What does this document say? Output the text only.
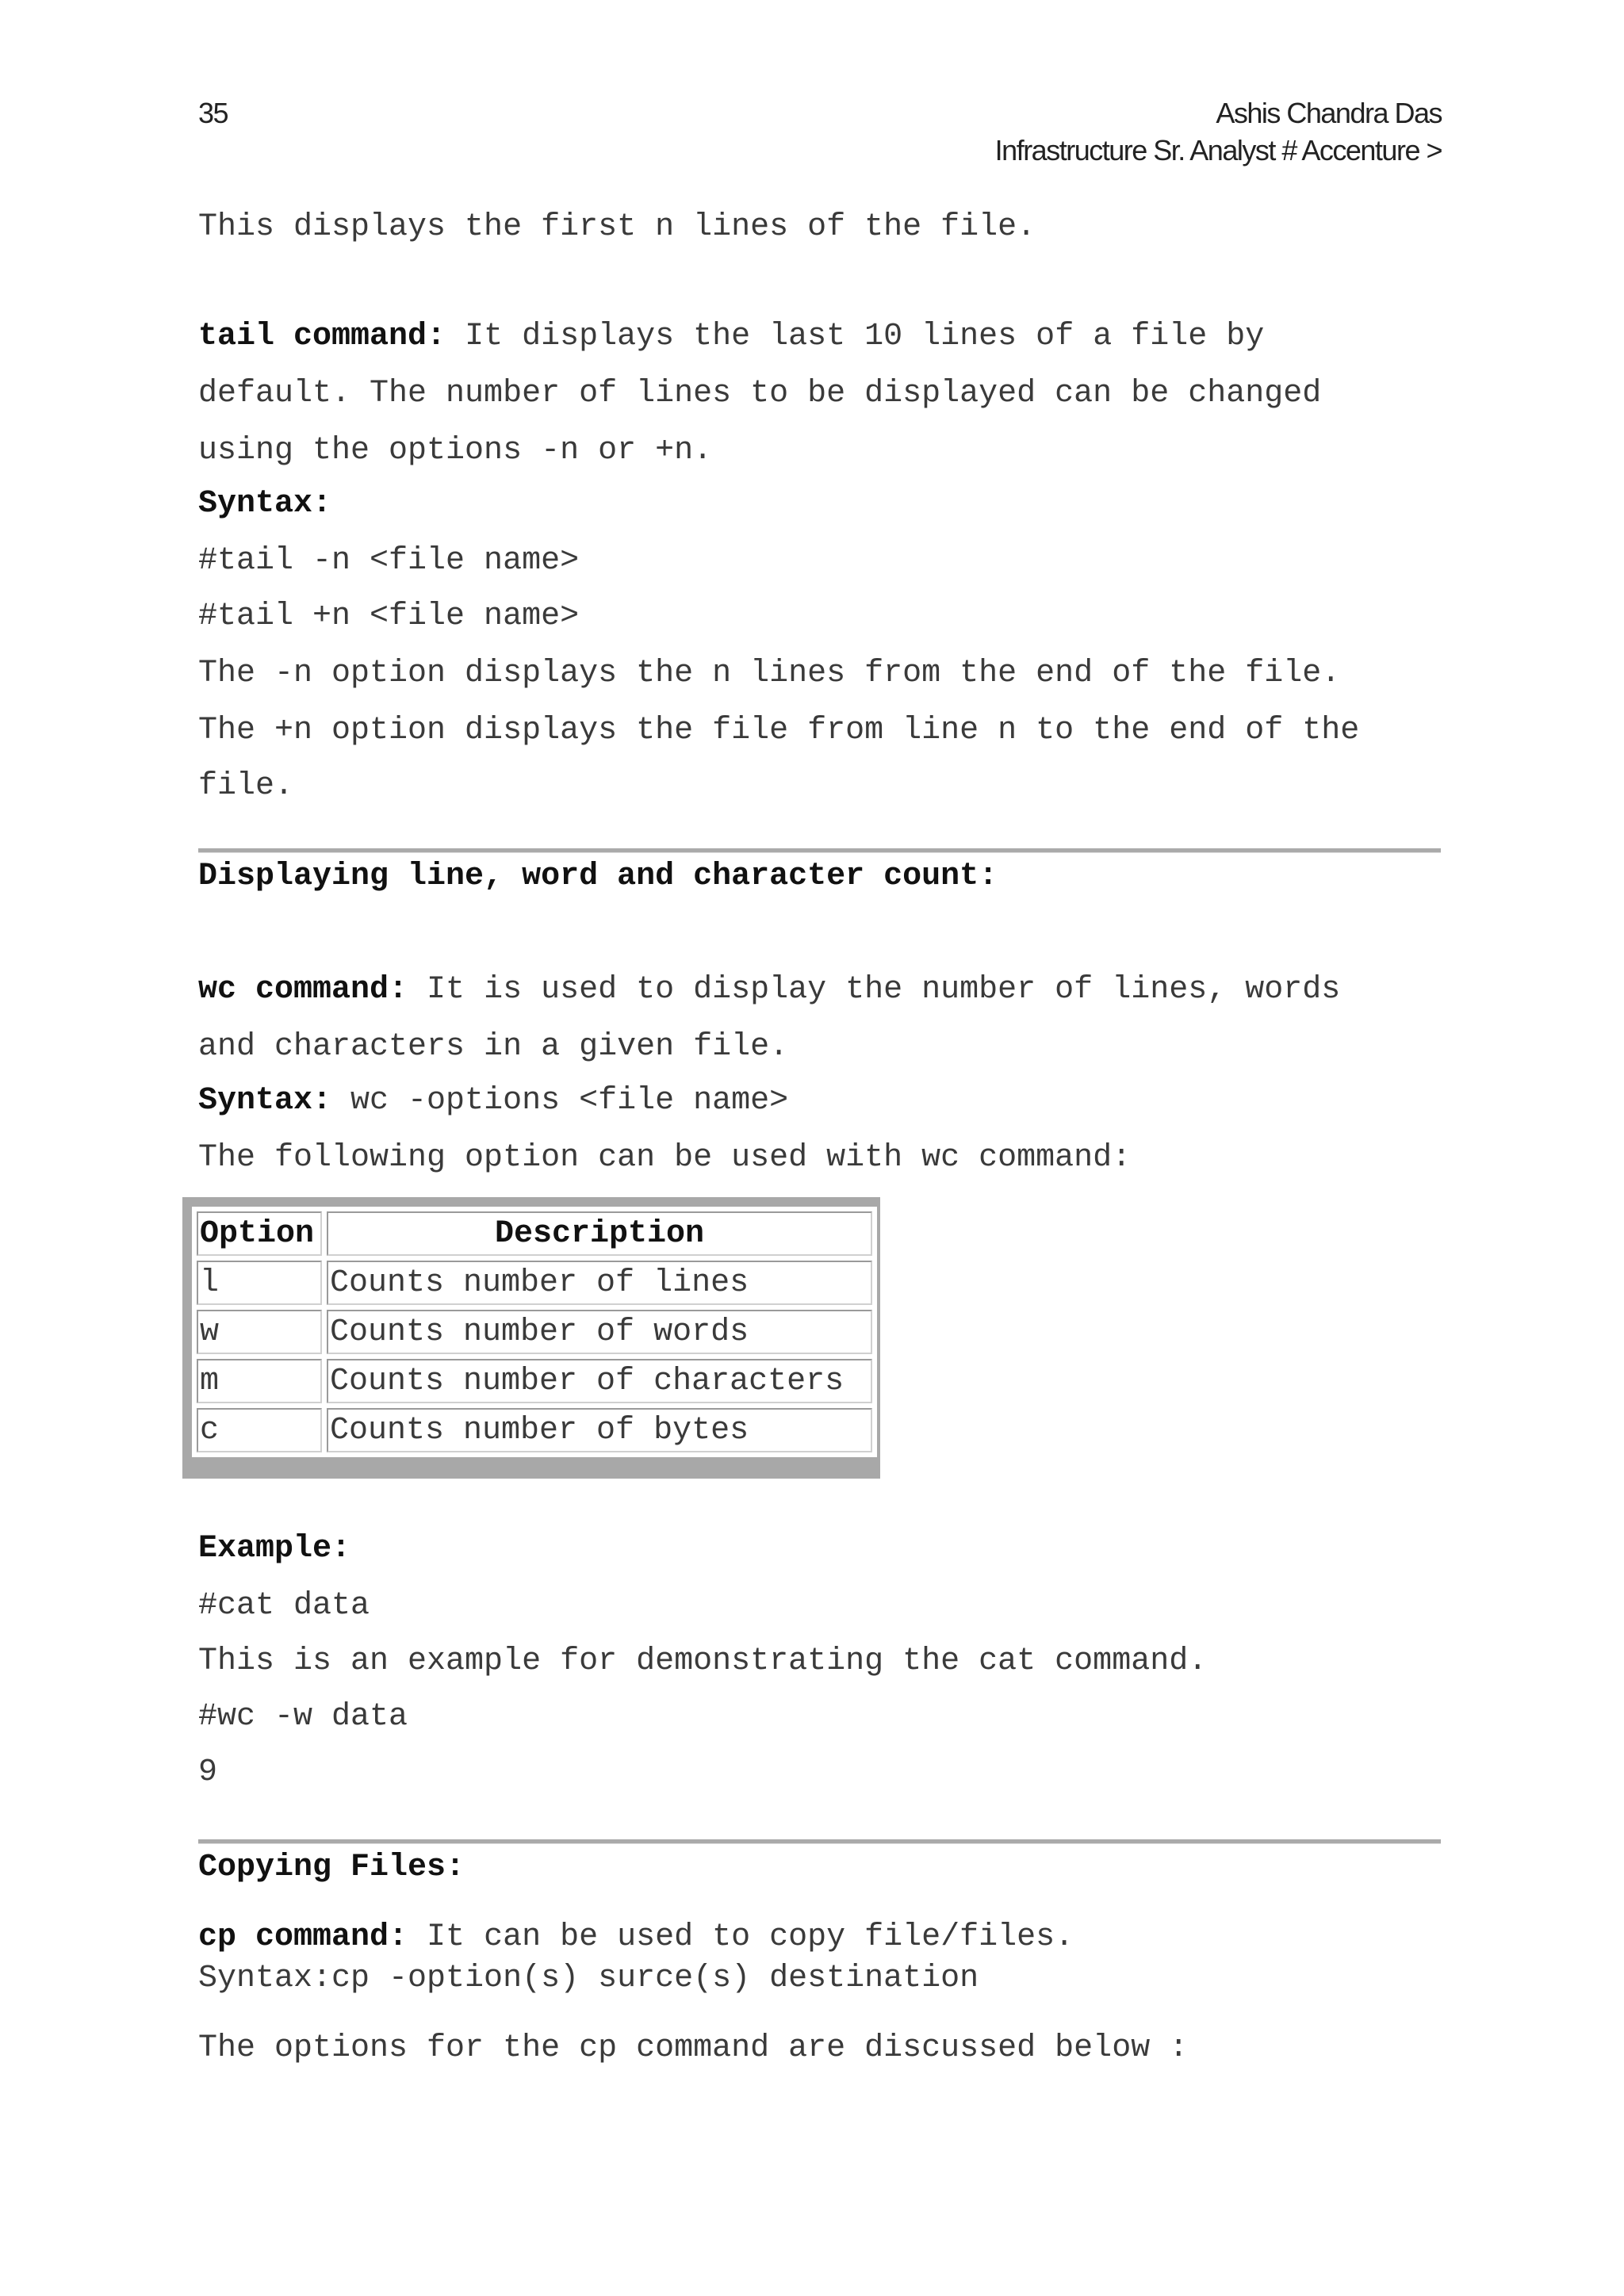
35	Ashis Chandra Das
Infrastructure Sr. Analyst # Accenture >
This displays the first n lines of the file.
tail command: It displays the last 10 lines of a file by
default. The number of lines to be displayed can be changed
using the options -n or +n.
Syntax:
#tail -n <file name>
#tail +n <file name>
The -n option displays the n lines from the end of the file.
The +n option displays the file from line n to the end of the
file.
Displaying line, word and character count:
wc command: It is used to display the number of lines, words
and characters in a given file.
Syntax: wc -options <file name>
The following option can be used with wc command:
Option	Description
l	Counts number of lines
w	Counts number of words
m	Counts number of characters
c	Counts number of bytes
Example:
#cat data
This is an example for demonstrating the cat command.
#wc -w data
9
Copying Files:
cp command: It can be used to copy file/files.
Syntax:cp -option(s) surce(s) destination
The options for the cp command are discussed below :
